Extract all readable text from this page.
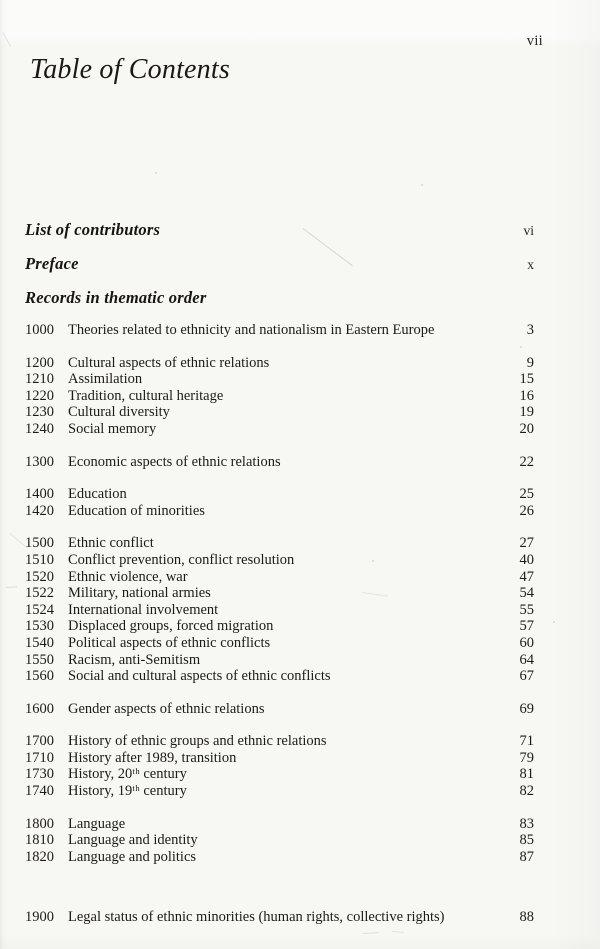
vii
Table of Contents
List of contributors	vi
Preface	x
Records in thematic order
1000 Theories related to ethnicity and nationalism in Eastern Europe	3
1200 Cultural aspects of ethnic relations	9
1210 Assimilation	15
1220 Tradition, cultural heritage	16
1230 Cultural diversity	19
1240 Social memory	20
1300 Economic aspects of ethnic relations	22
1400 Education	25
1420 Education of minorities	26
1500 Ethnic conflict	27
1510 Conflict prevention, conflict resolution	40
1520 Ethnic violence, war	47
1522 Military, national armies	54
1524 International involvement	55
1530 Displaced groups, forced migration	57
1540 Political aspects of ethnic conflicts	60
1550 Racism, anti-Semitism	64
1560 Social and cultural aspects of ethnic conflicts	67
1600 Gender aspects of ethnic relations	69
1700 History of ethnic groups and ethnic relations	71
1710 History after 1989, transition	79
1730 History, 20ᵗʰ century	81
1740 History, 19ᵗʰ century	82
1800 Language	83
1810 Language and identity	85
1820 Language and politics	87
1900 Legal status of ethnic minorities (human rights, collective rights)	88
